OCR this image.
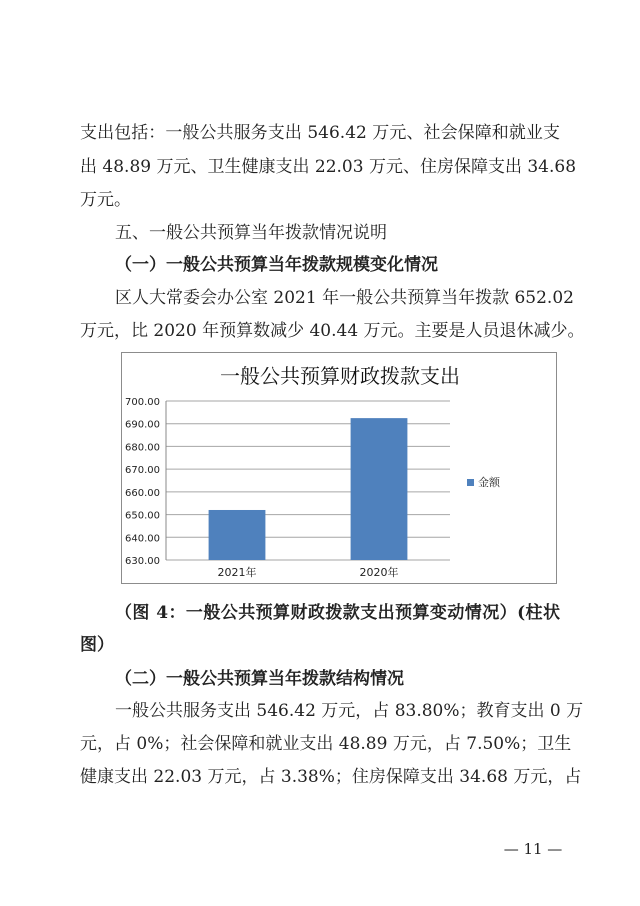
支出包括：一般公共服务支出 546.42 万元、社会保障和就业支
出 48.89 万元、卫生健康支出 22.03 万元、住房保障支出 34.68
万元。
五、一般公共预算当年拨款情况说明
（一）一般公共预算当年拨款规模变化情况
区人大常委会办公室 2021 年一般公共预算当年拨款 652.02
万元，比 2020 年预算数减少 40.44 万元。主要是人员退休减少。
一般公共预算财政拨款支出
630.00
640.00
650.00
660.00
670.00
680.00
690.00
700.00
2021年	2020年
金额
（图 4：一般公共预算财政拨款支出预算变动情况）(柱状
图）
（二）一般公共预算当年拨款结构情况
一般公共服务支出 546.42 万元，占 83.80%；教育支出 0 万
元，占 0%；社会保障和就业支出 48.89 万元，占 7.50%；卫生
健康支出 22.03 万元，占 3.38%；住房保障支出 34.68 万元，占
— 11 —
